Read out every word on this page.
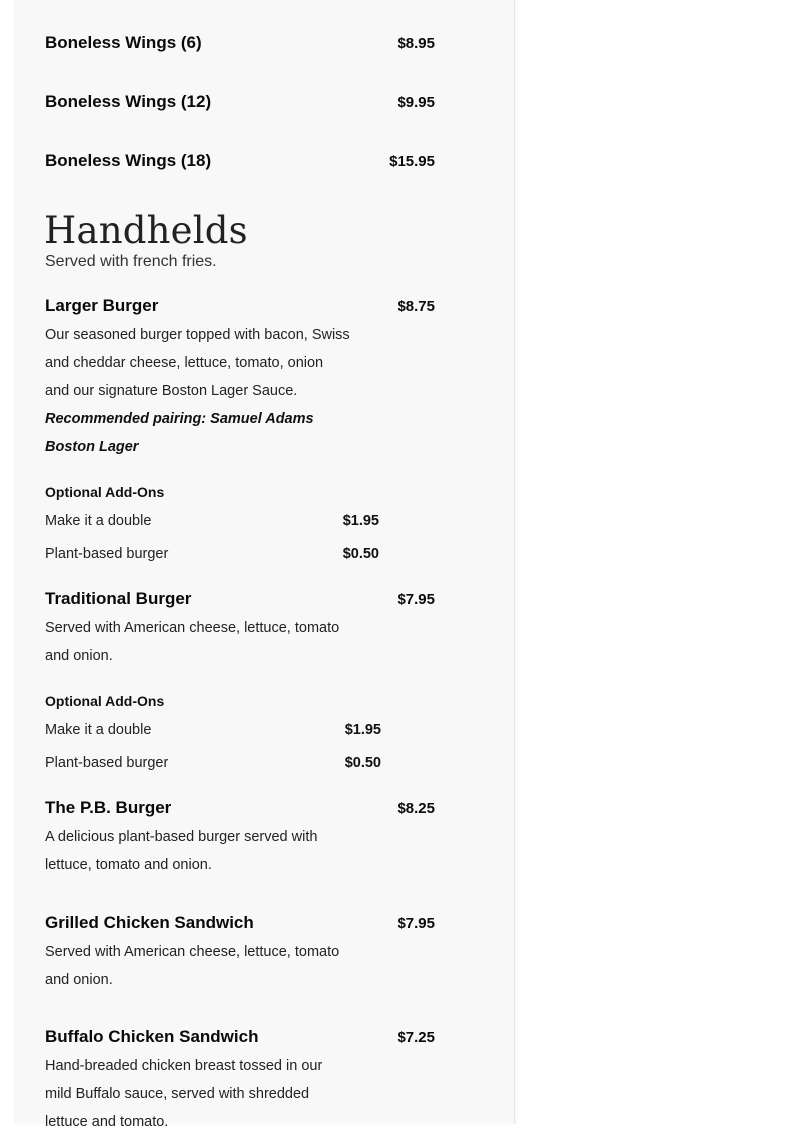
Boneless Wings (6)	$8.95
Boneless Wings (12)	$9.95
Boneless Wings (18)	$15.95
Handhelds
Served with french fries.
Larger Burger	$8.75
Our seasoned burger topped with bacon, Swiss
and cheddar cheese, lettuce, tomato, onion
and our signature Boston Lager Sauce.
Recommended pairing: Samuel Adams
Boston Lager
Optional Add-Ons
Make it a double	$1.95
Plant-based burger	$0.50
Traditional Burger	$7.95
Served with American cheese, lettuce, tomato
and onion.
Optional Add-Ons
Make it a double	$1.95
Plant-based burger	$0.50
The P.B. Burger	$8.25
A delicious plant-based burger served with
lettuce, tomato and onion.
Grilled Chicken Sandwich	$7.95
Served with American cheese, lettuce, tomato
and onion.
Buffalo Chicken Sandwich	$7.25
Hand-breaded chicken breast tossed in our
mild Buffalo sauce, served with shredded
lettuce and tomato.
